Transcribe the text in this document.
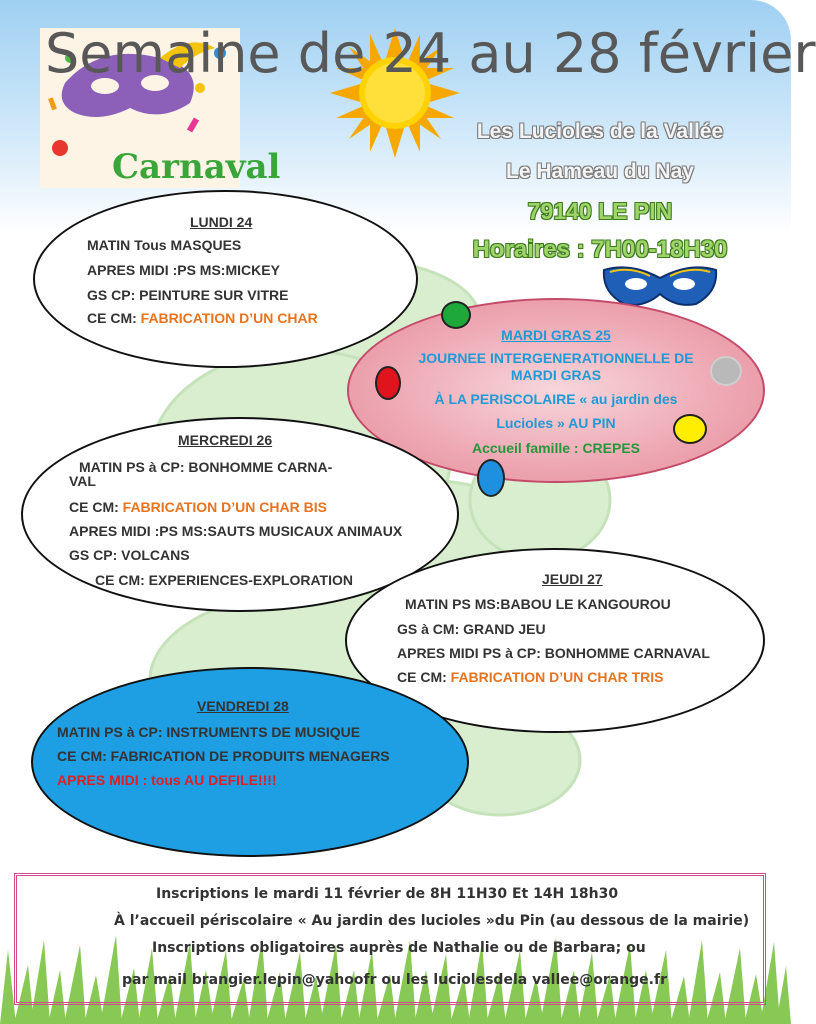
Carnaval
Semaine de 24 au 28 février
Les Lucioles de la Vallée
Le Hameau du Nay
79140 LE PIN
Horaires : 7H00-18H30
LUNDI 24
MATIN Tous MASQUES
APRES MIDI :PS MS:MICKEY
GS CP: PEINTURE SUR VITRE
CE CM: FABRICATION D’UN CHAR
MARDI GRAS 25
JOURNEE INTERGENERATIONNELLE DE
MARDI GRAS
À LA PERISCOLAIRE « au jardin des
Lucioles » AU PIN
Accueil famille : CREPES
MERCREDI 26
MATIN PS à CP: BONHOMME CARNA-
VAL
CE CM: FABRICATION D’UN CHAR BIS
APRES MIDI :PS MS:SAUTS MUSICAUX ANIMAUX
GS CP: VOLCANS
CE CM: EXPERIENCES-EXPLORATION	JEUDI 27
MATIN PS MS:BABOU LE KANGOUROU
GS à CM: GRAND JEU
APRES MIDI PS à CP: BONHOMME CARNAVAL
CE CM: FABRICATION D’UN CHAR TRIS
VENDREDI 28
MATIN PS à CP: INSTRUMENTS DE MUSIQUE
CE CM: FABRICATION DE PRODUITS MENAGERS
APRES MIDI : tous AU DEFILE!!!!
Inscriptions le mardi 11 février de 8H 11H30 Et 14H 18h30
À l’accueil périscolaire « Au jardin des lucioles »du Pin (au dessous de la mairie)
Inscriptions obligatoires auprès de Nathalie ou de Barbara; ou
par mail brangier.lepin@yahoofr ou les luciolesdela vallee@orange.fr
